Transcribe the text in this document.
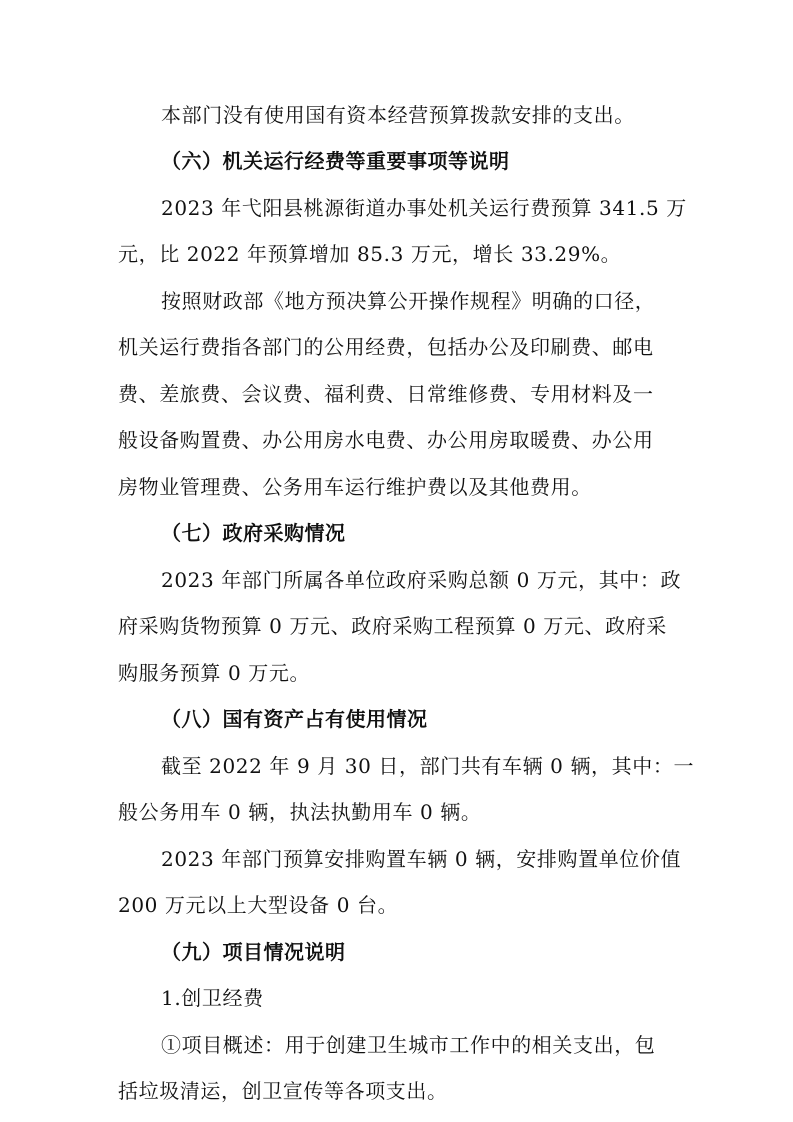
本部门没有使用国有资本经营预算拨款安排的支出。
（六）机关运行经费等重要事项等说明
2023 年弋阳县桃源街道办事处机关运行费预算 341.5 万
元，比 2022 年预算增加 85.3 万元，增长 33.29%。
按照财政部《地方预决算公开操作规程》明确的口径，
机关运行费指各部门的公用经费，包括办公及印刷费、邮电
费、差旅费、会议费、福利费、日常维修费、专用材料及一
般设备购置费、办公用房水电费、办公用房取暖费、办公用
房物业管理费、公务用车运行维护费以及其他费用。
（七）政府采购情况
2023 年部门所属各单位政府采购总额 0 万元，其中：政
府采购货物预算 0 万元、政府采购工程预算 0 万元、政府采
购服务预算 0 万元。
（八）国有资产占有使用情况
截至 2022 年 9 月 30 日，部门共有车辆 0 辆，其中：一
般公务用车 0 辆，执法执勤用车 0 辆。
2023 年部门预算安排购置车辆 0 辆，安排购置单位价值
200 万元以上大型设备 0 台。
（九）项目情况说明
1.创卫经费
①项目概述：用于创建卫生城市工作中的相关支出，包
括垃圾清运，创卫宣传等各项支出。
